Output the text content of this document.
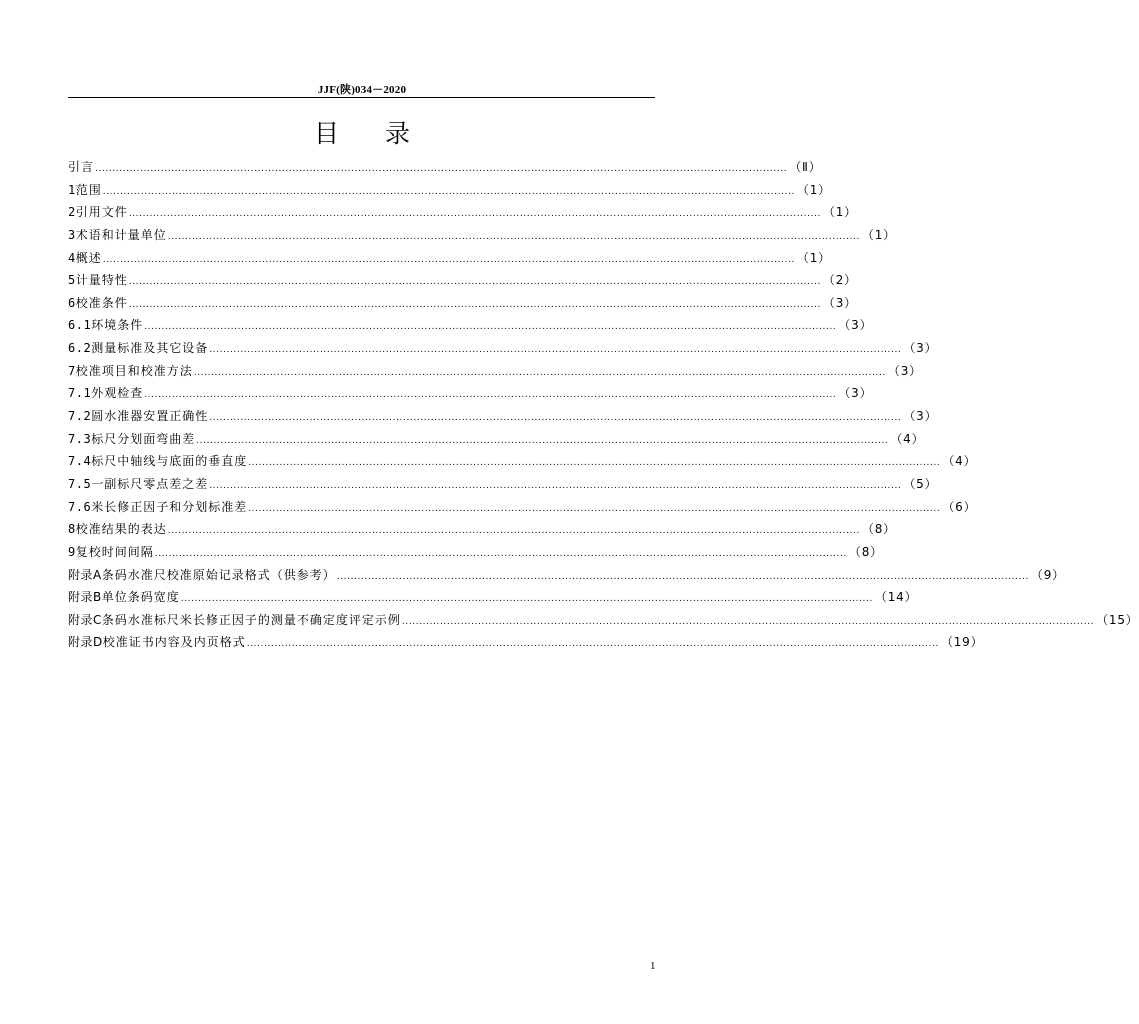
JJF(陕)034－2020
目录
引言 ........................................................................................................................................................................................................ （Ⅱ）
1 范围 ........................................................................................................................................................................................................ （1）
2 引用文件 ........................................................................................................................................................................................................ （1）
3 术语和计量单位 ........................................................................................................................................................................................................ （1）
4 概述 ........................................................................................................................................................................................................ （1）
5 计量特性 ........................................................................................................................................................................................................ （2）
6 校准条件 ........................................................................................................................................................................................................ （3）
6.1 环境条件 ........................................................................................................................................................................................................ （3）
6.2 测量标准及其它设备 ........................................................................................................................................................................................................ （3）
7 校准项目和校准方法 ........................................................................................................................................................................................................ （3）
7.1 外观检查 ........................................................................................................................................................................................................ （3）
7.2 圆水准器安置正确性 ........................................................................................................................................................................................................ （3）
7.3 标尺分划面弯曲差 ........................................................................................................................................................................................................ （4）
7.4 标尺中轴线与底面的垂直度 ........................................................................................................................................................................................................ （4）
7.5 一副标尺零点差之差 ........................................................................................................................................................................................................ （5）
7.6 米长修正因子和分划标准差 ........................................................................................................................................................................................................ （6）
8 校准结果的表达 ........................................................................................................................................................................................................ （8）
9 复校时间间隔 ........................................................................................................................................................................................................ （8）
附录A 条码水准尺校准原始记录格式（供参考） ........................................................................................................................................................................................................ （9）
附录B 单位条码宽度 ........................................................................................................................................................................................................ （14）
附录C 条码水准标尺米长修正因子的测量不确定度评定示例 ........................................................................................................................................................................................................ （15）
附录D 校准证书内容及内页格式 ........................................................................................................................................................................................................ （19）
1
